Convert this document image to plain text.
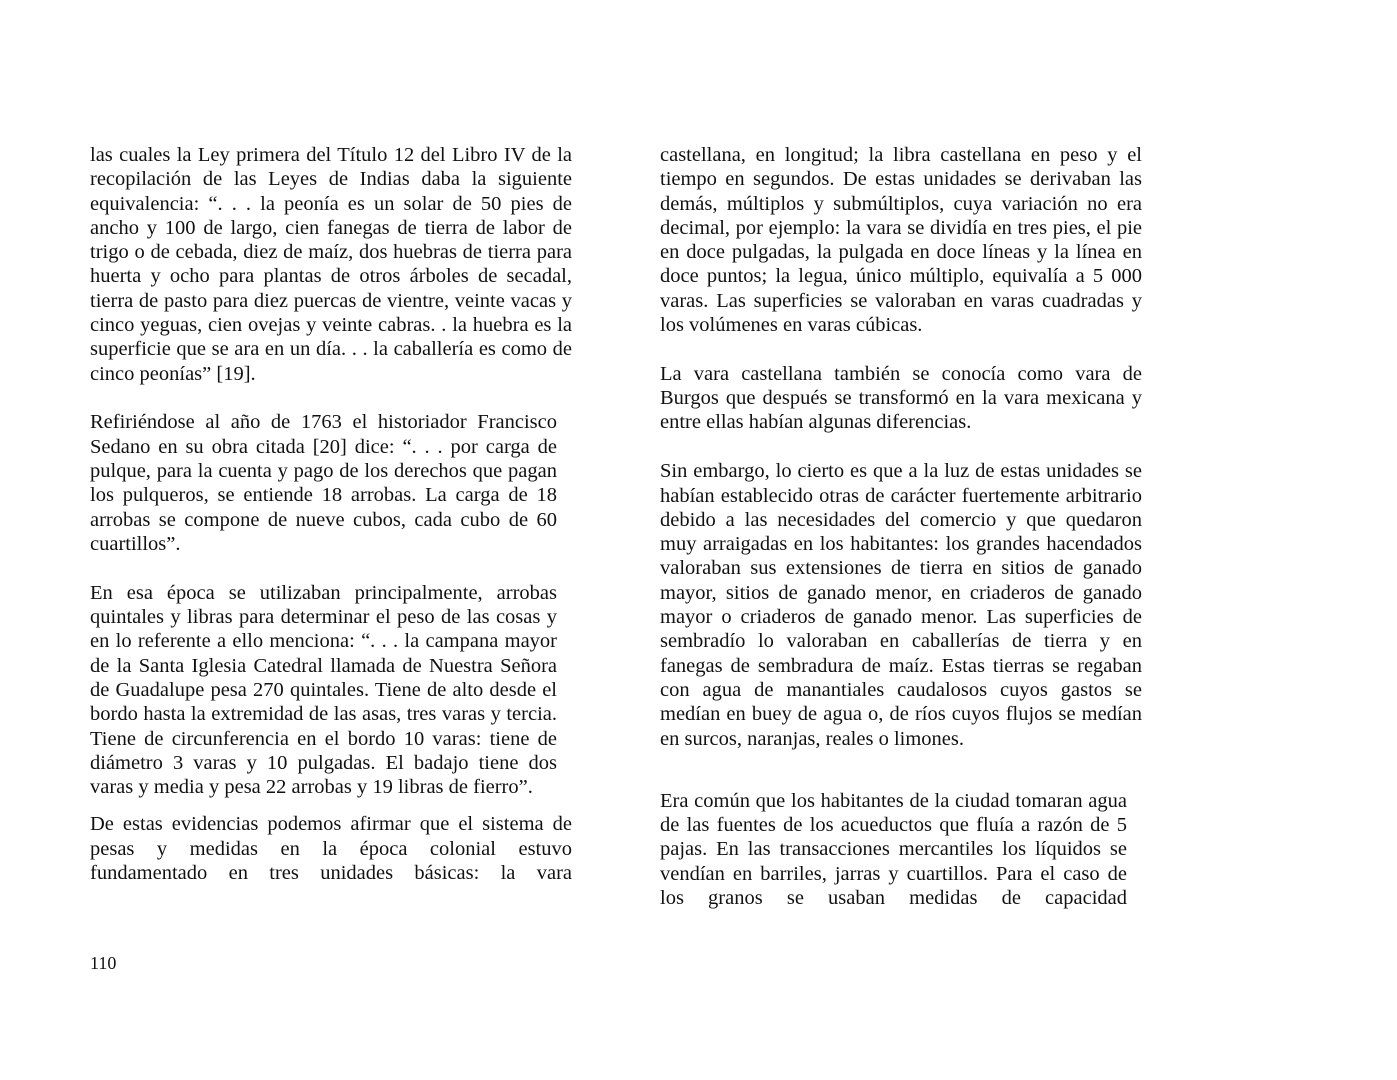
las cuales la Ley primera del Título 12 del Libro IV de la recopilación de las Leyes de Indias daba la siguiente equivalencia: “. . . la peonía es un solar de 50 pies de ancho y 100 de largo, cien fanegas de tierra de labor de trigo o de cebada, diez de maíz, dos huebras de tierra para huerta y ocho para plantas de otros árboles de secadal, tierra de pasto para diez puercas de vientre, veinte vacas y cinco yeguas, cien ovejas y veinte cabras. . la huebra es la superficie que se ara en un día. . . la caballería es como de cinco peonías” [19].

Refiriéndose al año de 1763 el historiador Francisco Sedano en su obra citada [20] dice: “. . . por carga de pulque, para la cuenta y pago de los derechos que pagan los pulqueros, se entiende 18 arrobas. La carga de 18 arrobas se compone de nueve cubos, cada cubo de 60 cuartillos”.

En esa época se utilizaban principalmente, arrobas quintales y libras para determinar el peso de las cosas y en lo referente a ello menciona: “. . . la campana mayor de la Santa Iglesia Catedral llamada de Nuestra Señora de Guadalupe pesa 270 quintales. Tiene de alto desde el bordo hasta la extremidad de las asas, tres varas y tercia. Tiene de circunferencia en el bordo 10 varas: tiene de diámetro 3 varas y 10 pulgadas. El badajo tiene dos varas y media y pesa 22 arrobas y 19 libras de fierro”.

De estas evidencias podemos afirmar que el sistema de pesas y medidas en la época colonial estuvo fundamentado en tres unidades básicas: la vara

castellana, en longitud; la libra castellana en peso y el tiempo en segundos. De estas unidades se derivaban las demás, múltiplos y submúltiplos, cuya variación no era decimal, por ejemplo: la vara se dividía en tres pies, el pie en doce pulgadas, la pulgada en doce líneas y la línea en doce puntos; la legua, único múltiplo, equivalía a 5 000 varas. Las superficies se valoraban en varas cuadradas y los volúmenes en varas cúbicas.

La vara castellana también se conocía como vara de Burgos que después se transformó en la vara mexicana y entre ellas habían algunas diferencias.

Sin embargo, lo cierto es que a la luz de estas unidades se habían establecido otras de carácter fuertemente arbitrario debido a las necesidades del comercio y que quedaron muy arraigadas en los habitantes: los grandes hacendados valoraban sus extensiones de tierra en sitios de ganado mayor, sitios de ganado menor, en criaderos de ganado mayor o criaderos de ganado menor. Las superficies de sembradío lo valoraban en caballerías de tierra y en fanegas de sembradura de maíz. Estas tierras se regaban con agua de manantiales caudalosos cuyos gastos se medían en buey de agua o, de ríos cuyos flujos se medían en surcos, naranjas, reales o limones.

Era común que los habitantes de la ciudad tomaran agua de las fuentes de los acueductos que fluía a razón de 5 pajas. En las transacciones mercantiles los líquidos se vendían en barriles, jarras y cuartillos. Para el caso de los granos se usaban medidas de capacidad

110
